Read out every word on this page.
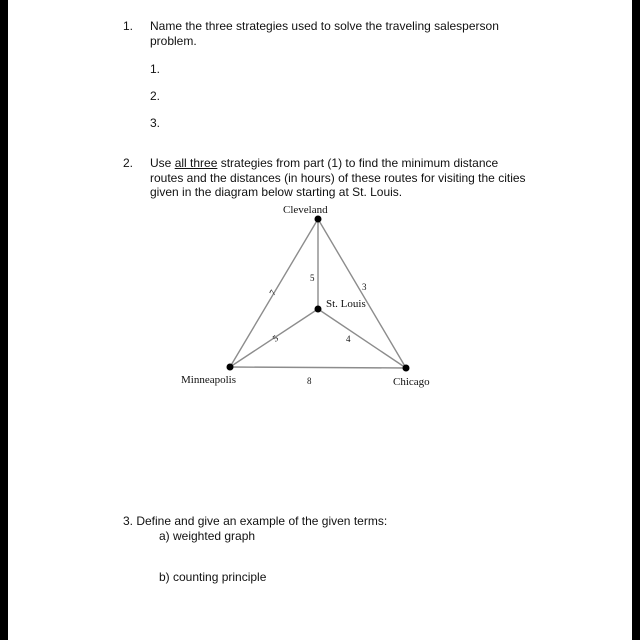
1. Name the three strategies used to solve the traveling salesperson
problem.
1.
2.
3.
2. Use all three strategies from part (1) to find the minimum distance
routes and the distances (in hours) of these routes for visiting the cities
given in the diagram below starting at St. Louis.
Cleveland
St. Louis
Minneapolis	Chicago
7
5
3
5	4
8
3. Define and give an example of the given terms:
a) weighted graph
b) counting principle
